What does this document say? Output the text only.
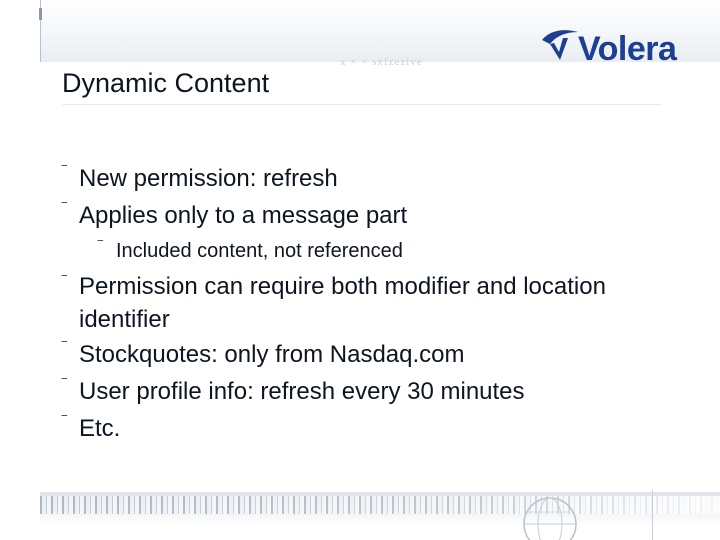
x × × sxfzezive	Volera
Dynamic Content
‾ New permission: refresh
‾ Applies only to a message part
‾ Included content, not referenced
‾ Permission can require both modifier and location identifier
‾ Stockquotes: only from Nasdaq.com
‾ User profile info: refresh every 30 minutes
‾ Etc.
